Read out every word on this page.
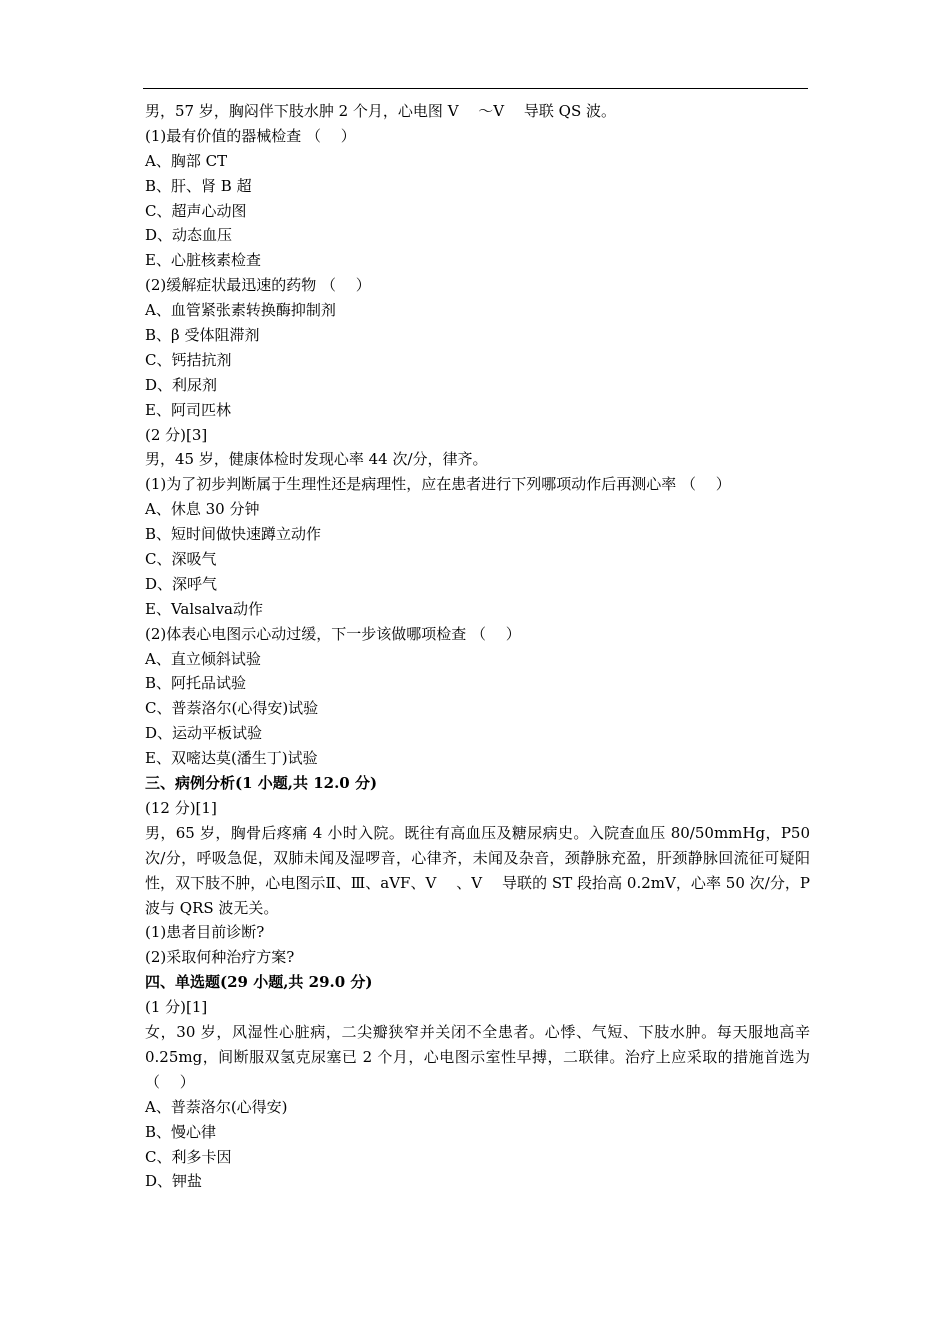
男，57 岁，胸闷伴下肢水肿 2 个月，心电图 V　 ～V　 导联 QS 波。
(1)最有价值的器械检查 （　 ）
A、胸部 CT
B、肝、肾 B 超
C、超声心动图
D、动态血压
E、心脏核素检查
(2)缓解症状最迅速的药物 （　 ）
A、血管紧张素转换酶抑制剂
B、β 受体阻滞剂
C、钙拮抗剂
D、利尿剂
E、阿司匹林
(2 分)[3]
男，45 岁，健康体检时发现心率 44 次/分，律齐。
(1)为了初步判断属于生理性还是病理性，应在患者进行下列哪项动作后再测心率 （　 ）
A、休息 30 分钟
B、短时间做快速蹲立动作
C、深吸气
D、深呼气
E、Valsalva动作
(2)体表心电图示心动过缓，下一步该做哪项检查 （　 ）
A、直立倾斜试验
B、阿托品试验
C、普萘洛尔(心得安)试验
D、运动平板试验
E、双嘧达莫(潘生丁)试验
三、病例分析(1 小题,共 12.0 分)
(12 分)[1]
男，65 岁，胸骨后疼痛 4 小时入院。既往有高血压及糖尿病史。入院查血压 80/50mmHg，P50 次/分，呼吸急促，双肺未闻及湿啰音，心律齐，未闻及杂音，颈静脉充盈，肝颈静脉回流征可疑阳性，双下肢不肿，心电图示Ⅱ、Ⅲ、aVF、V　 、V　 导联的 ST 段抬高 0.2mV，心率 50 次/分，P 波与 QRS 波无关。
(1)患者目前诊断?
(2)采取何种治疗方案?
四、单选题(29 小题,共 29.0 分)
(1 分)[1]
女，30 岁，风湿性心脏病，二尖瓣狭窄并关闭不全患者。心悸、气短、下肢水肿。每天服地高辛 0.25mg，间断服双氢克尿塞已 2 个月，心电图示室性早搏，二联律。治疗上应采取的措施首选为 （　 ）
A、普萘洛尔(心得安)
B、慢心律
C、利多卡因
D、钾盐
